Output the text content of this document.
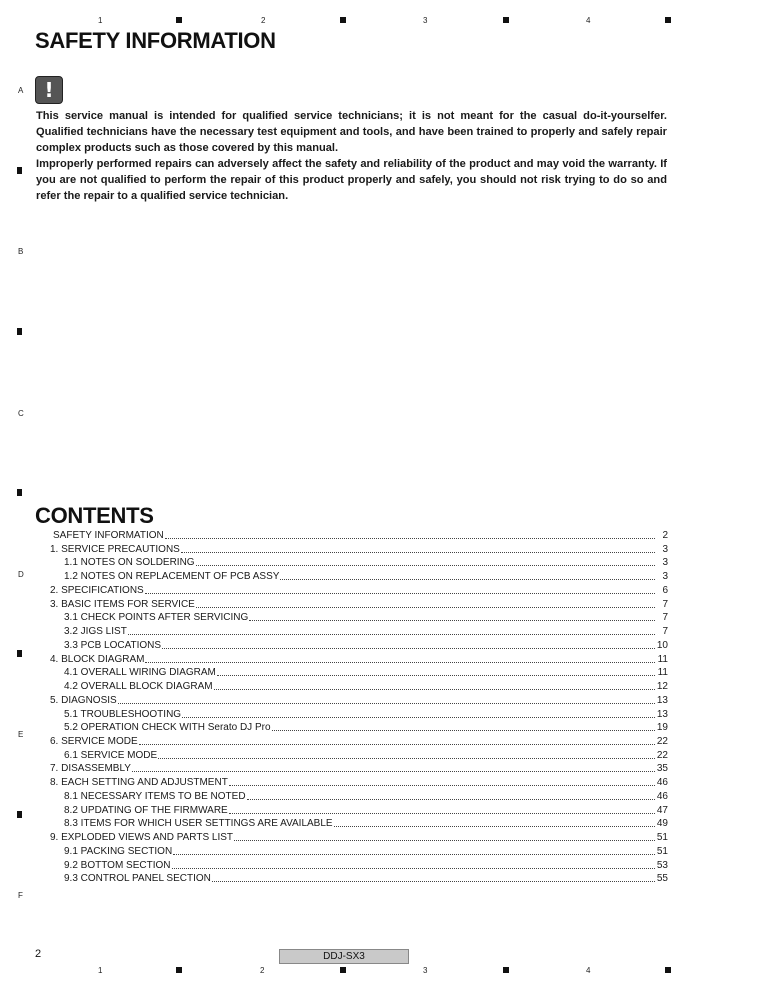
1	2	3	4
1	2	3	4
A
B
C
D
E
F
SAFETY INFORMATION
!

This service manual is intended for qualified service technicians; it is not meant for the casual do-it-yourselfer. Qualified technicians have the necessary test equipment and tools, and have been trained to properly and safely repair complex products such as those covered by this manual.

Improperly performed repairs can adversely affect the safety and reliability of the product and may void the warranty. If you are not qualified to perform the repair of this product properly and safely, you should not risk trying to do so and refer the repair to a qualified service technician.

CONTENTS
SAFETY INFORMATION	2
1. SERVICE PRECAUTIONS	3
1.1 NOTES ON SOLDERING	3
1.2 NOTES ON REPLACEMENT OF PCB ASSY	3
2. SPECIFICATIONS	6
3. BASIC ITEMS FOR SERVICE	7
3.1 CHECK POINTS AFTER SERVICING	7
3.2 JIGS LIST	7
3.3 PCB LOCATIONS	10
4. BLOCK DIAGRAM	11
4.1 OVERALL WIRING DIAGRAM	11
4.2 OVERALL BLOCK DIAGRAM	12
5. DIAGNOSIS	13
5.1 TROUBLESHOOTING	13
5.2 OPERATION CHECK WITH Serato DJ Pro	19
6. SERVICE MODE	22
6.1 SERVICE MODE	22
7. DISASSEMBLY	35
8. EACH SETTING AND ADJUSTMENT	46
8.1 NECESSARY ITEMS TO BE NOTED	46
8.2 UPDATING OF THE FIRMWARE	47
8.3 ITEMS FOR WHICH USER SETTINGS ARE AVAILABLE	49
9. EXPLODED VIEWS AND PARTS LIST	51
9.1 PACKING SECTION	51
9.2 BOTTOM SECTION	53
9.3 CONTROL PANEL SECTION	55
2	DDJ-SX3
